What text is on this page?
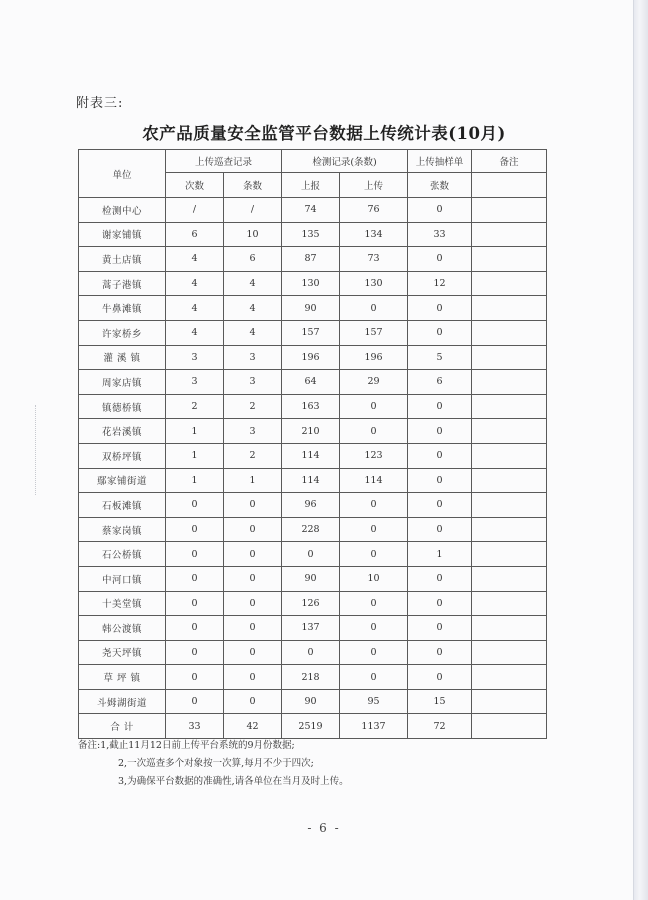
附表三:
农产品质量安全监管平台数据上传统计表(10月)
单位	上传巡查记录		检测记录(条数)		上传抽样单	备注
	次数	条数	上报	上传	张数	
检测中心	/	/	74	76	0	
谢家铺镇	6	10	135	134	33	
黄土店镇	4	6	87	73	0	
蒿子港镇	4	4	130	130	12	
牛鼻滩镇	4	4	90	0	0	
许家桥乡	4	4	157	157	0	
灌 溪 镇	3	3	196	196	5	
周家店镇	3	3	64	29	6	
镇德桥镇	2	2	163	0	0	
花岩溪镇	1	3	210	0	0	
双桥坪镇	1	2	114	123	0	
鄢家铺街道	1	1	114	114	0	
石板滩镇	0	0	96	0	0	
蔡家岗镇	0	0	228	0	0	
石公桥镇	0	0	0	0	1	
中河口镇	0	0	90	10	0	
十美堂镇	0	0	126	0	0	
韩公渡镇	0	0	137	0	0	
尧天坪镇	0	0	0	0	0	
草 坪 镇	0	0	218	0	0	
斗姆湖街道	0	0	90	95	15	
合 计	33	42	2519	1137	72	
备注:1,截止11月12日前上传平台系统的9月份数据;
2,一次巡查多个对象按一次算,每月不少于四次;
3,为确保平台数据的准确性,请各单位在当月及时上传。
- 6 -
